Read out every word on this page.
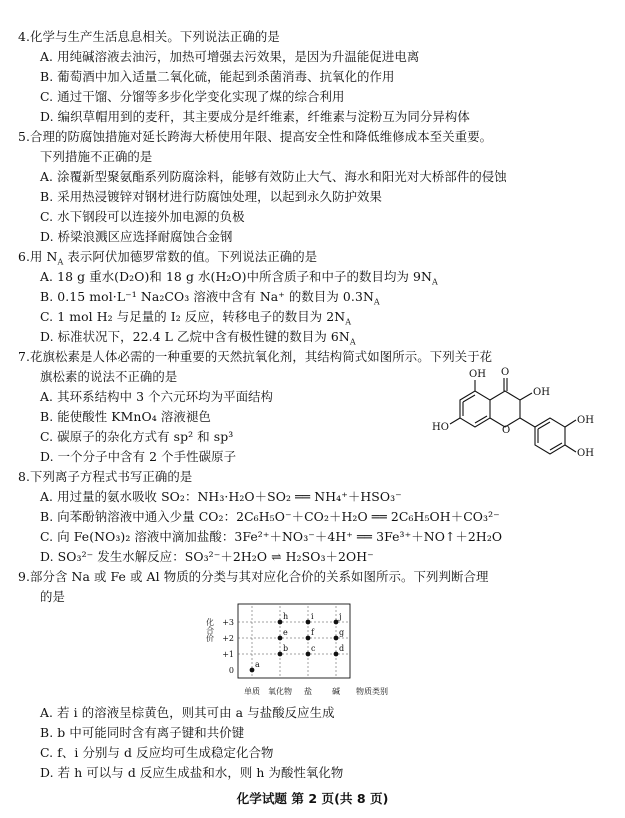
4.化学与生产生活息息相关。下列说法正确的是
A. 用纯碱溶液去油污，加热可增强去污效果，是因为升温能促进电离
B. 葡萄酒中加入适量二氧化硫，能起到杀菌消毒、抗氧化的作用
C. 通过干馏、分馏等多步化学变化实现了煤的综合利用
D. 编织草帽用到的麦秆，其主要成分是纤维素，纤维素与淀粉互为同分异构体
5.合理的防腐蚀措施对延长跨海大桥使用年限、提高安全性和降低维修成本至关重要。
下列措施不正确的是
A. 涂覆新型聚氨酯系列防腐涂料，能够有效防止大气、海水和阳光对大桥部件的侵蚀
B. 采用热浸镀锌对钢材进行防腐蚀处理，以起到永久防护效果
C. 水下钢段可以连接外加电源的负极
D. 桥梁浪溅区应选择耐腐蚀合金钢
6.用 $N_A$ 表示阿伏加德罗常数的值。下列说法正确的是
A. 18 g 重水(D₂O)和 18 g 水(H₂O)中所含质子和中子的数目均为 $9N_A$
B. 0.15 mol·L⁻¹ Na₂CO₃ 溶液中含有 Na⁺ 的数目为 $0.3N_A$
C. 1 mol H₂ 与足量的 I₂ 反应，转移电子的数目为 $2N_A$
D. 标准状况下，22.4 L 乙烷中含有极性键的数目为 $6N_A$
7.花旗松素是人体必需的一种重要的天然抗氧化剂，其结构简式如图所示。下列关于花
旗松素的说法不正确的是
A. 其环系结构中 3 个六元环均为平面结构
B. 能使酸性 KMnO₄ 溶液褪色
C. 碳原子的杂化方式有 sp² 和 sp³
D. 一个分子中含有 2 个手性碳原子
OH O
OH
O
HO
OH
OH
8.下列离子方程式书写正确的是
A. 用过量的氨水吸收 SO₂：NH₃·H₂O＋SO₂ ══ NH₄⁺＋HSO₃⁻
B. 向苯酚钠溶液中通入少量 CO₂：2C₆H₅O⁻＋CO₂＋H₂O ══ 2C₆H₅OH＋CO₃²⁻
C. 向 Fe(NO₃)₂ 溶液中滴加盐酸：3Fe²⁺＋NO₃⁻＋4H⁺ ══ 3Fe³⁺＋NO↑＋2H₂O
D. SO₃²⁻ 发生水解反应：SO₃²⁻＋2H₂O ⇌ H₂SO₃＋2OH⁻
9.部分含 Na 或 Fe 或 Al 物质的分类与其对应化合价的关系如图所示。下列判断合理
的是
0
+1
+2
+3
化合价
单质 氧化物 盐	碱 物质类别
a
b
e
h
c
f
i
d
g
j
A. 若 i 的溶液呈棕黄色，则其可由 a 与盐酸反应生成
B. b 中可能同时含有离子键和共价键
C. f、i 分别与 d 反应均可生成稳定化合物
D. 若 h 可以与 d 反应生成盐和水，则 h 为酸性氧化物
化学试题 第 2 页(共 8 页)
